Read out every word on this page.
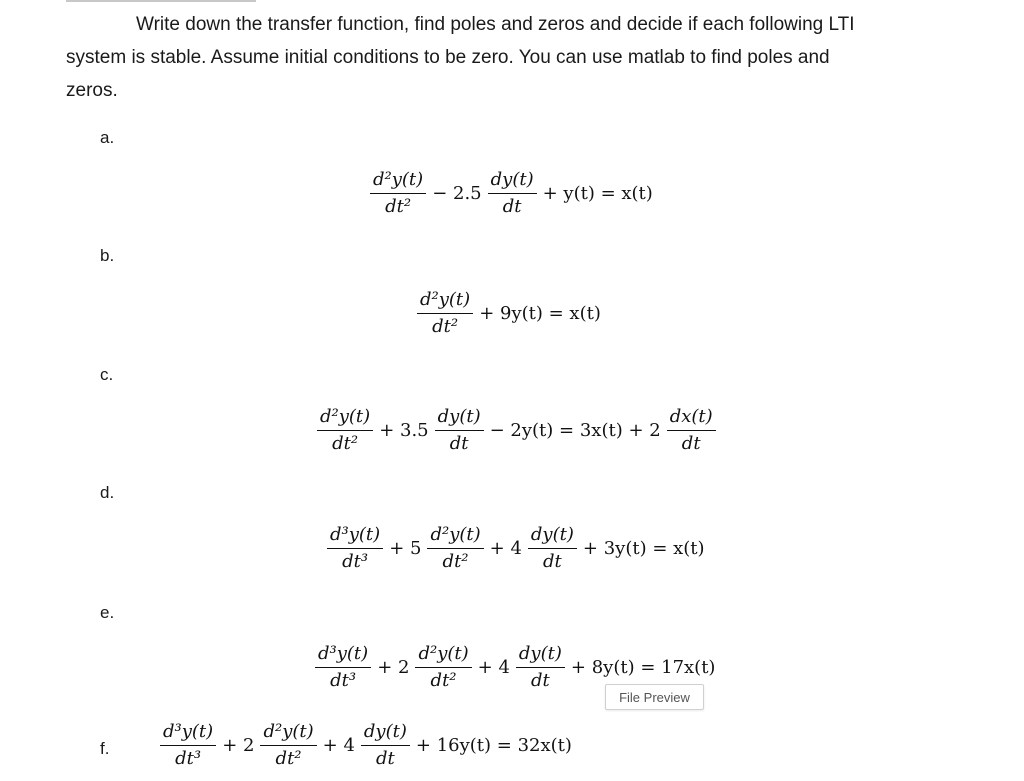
Write down the transfer function, find poles and zeros and decide if each following LTI
system is stable. Assume initial conditions to be zero. You can use matlab to find poles and
zeros.
a.
$\frac{\text{d²y(t)}}{\text{dt²}} - 2.5 \frac{dy(t)}{dt} + y(t) = x(t)$
b.
$\frac{\text{d²y(t)}}{\text{dt²}} + 9y(t) = x(t)$
c.
$\frac{\text{d²y(t)}}{\text{dt²}} + 3.5 \frac{dy(t)}{dt} - 2y(t) = 3x(t) + 2 \frac{dx(t)}{dt}$
d.
$\frac{\text{d³y(t)}}{\text{dt³}} + 5 \frac{\text{d²y(t)}}{\text{dt²}} + 4 \frac{dy(t)}{dt} + 3y(t) = x(t)$
e.
$\frac{\text{d³y(t)}}{\text{dt³}} + 2 \frac{\text{d²y(t)}}{\text{dt²}} + 4 \frac{dy(t)}{dt} + 8y(t) = 17x(t)$
File Preview
f.	$\frac{\text{d³y(t)}}{\text{dt³}} + 2 \frac{\text{d²y(t)}}{\text{dt²}} + 4 \frac{dy(t)}{dt} + 16y(t) = 32x(t)$
